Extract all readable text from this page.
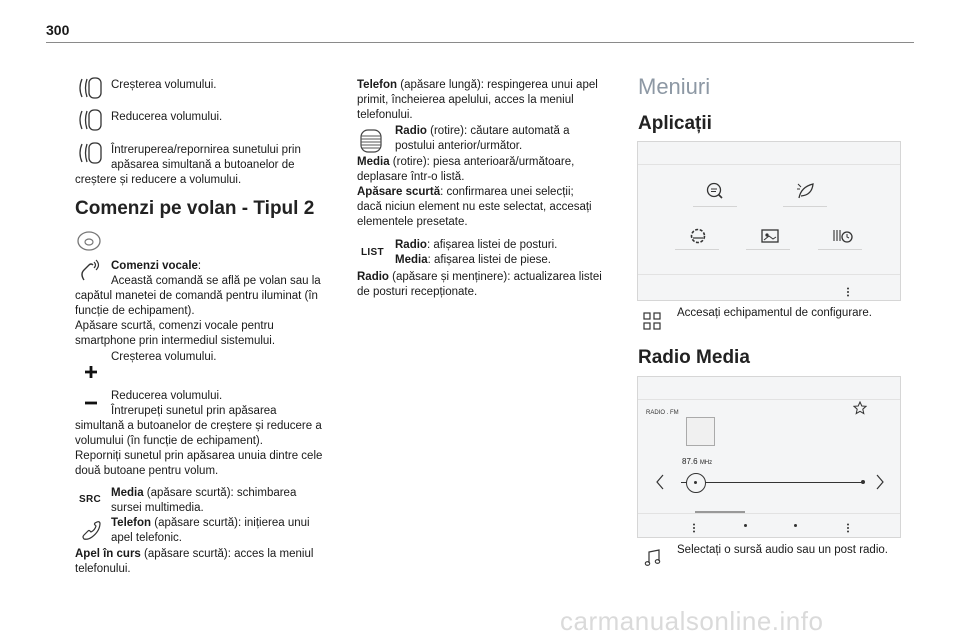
300
Creșterea volumului.
Reducerea volumului.
Întreruperea/repornirea sunetului prin
apăsarea simultană a butoanelor de
creștere și reducere a volumului.
Comenzi pe volan - Tipul 2
Comenzi vocale:
Această comandă se află pe volan sau la
capătul manetei de comandă pentru iluminat (în
funcție de echipament).
Apăsare scurtă, comenzi vocale pentru
smartphone prin intermediul sistemului.
Creșterea volumului.
Reducerea volumului.
Întrerupeți sunetul prin apăsarea
simultană a butoanelor de creștere și reducere a
volumului (în funcție de echipament).
Reporniți sunetul prin apăsarea unuia dintre cele
două butoane pentru volum.
SRC
Media (apăsare scurtă): schimbarea
sursei multimedia.
Telefon (apăsare scurtă): inițierea unui
apel telefonic.
Apel în curs (apăsare scurtă): acces la meniul
telefonului.
Telefon (apăsare lungă): respingerea unui apel
primit, încheierea apelului, acces la meniul
telefonului.
Radio (rotire): căutare automată a
postului anterior/următor.
Media (rotire): piesa anterioară/următoare,
deplasare într-o listă.
Apăsare scurtă: confirmarea unei selecții;
dacă niciun element nu este selectat, accesați
elementele presetate.
LIST
Radio: afișarea listei de posturi.
Media: afișarea listei de piese.
Radio (apăsare și menținere): actualizarea listei
de posturi recepționate.
Meniuri
Aplicații
Accesați echipamentul de configurare.
Radio Media
RADIO . FM
87.6 MHz
Selectați o sursă audio sau un post radio.
carmanualsonline.info
